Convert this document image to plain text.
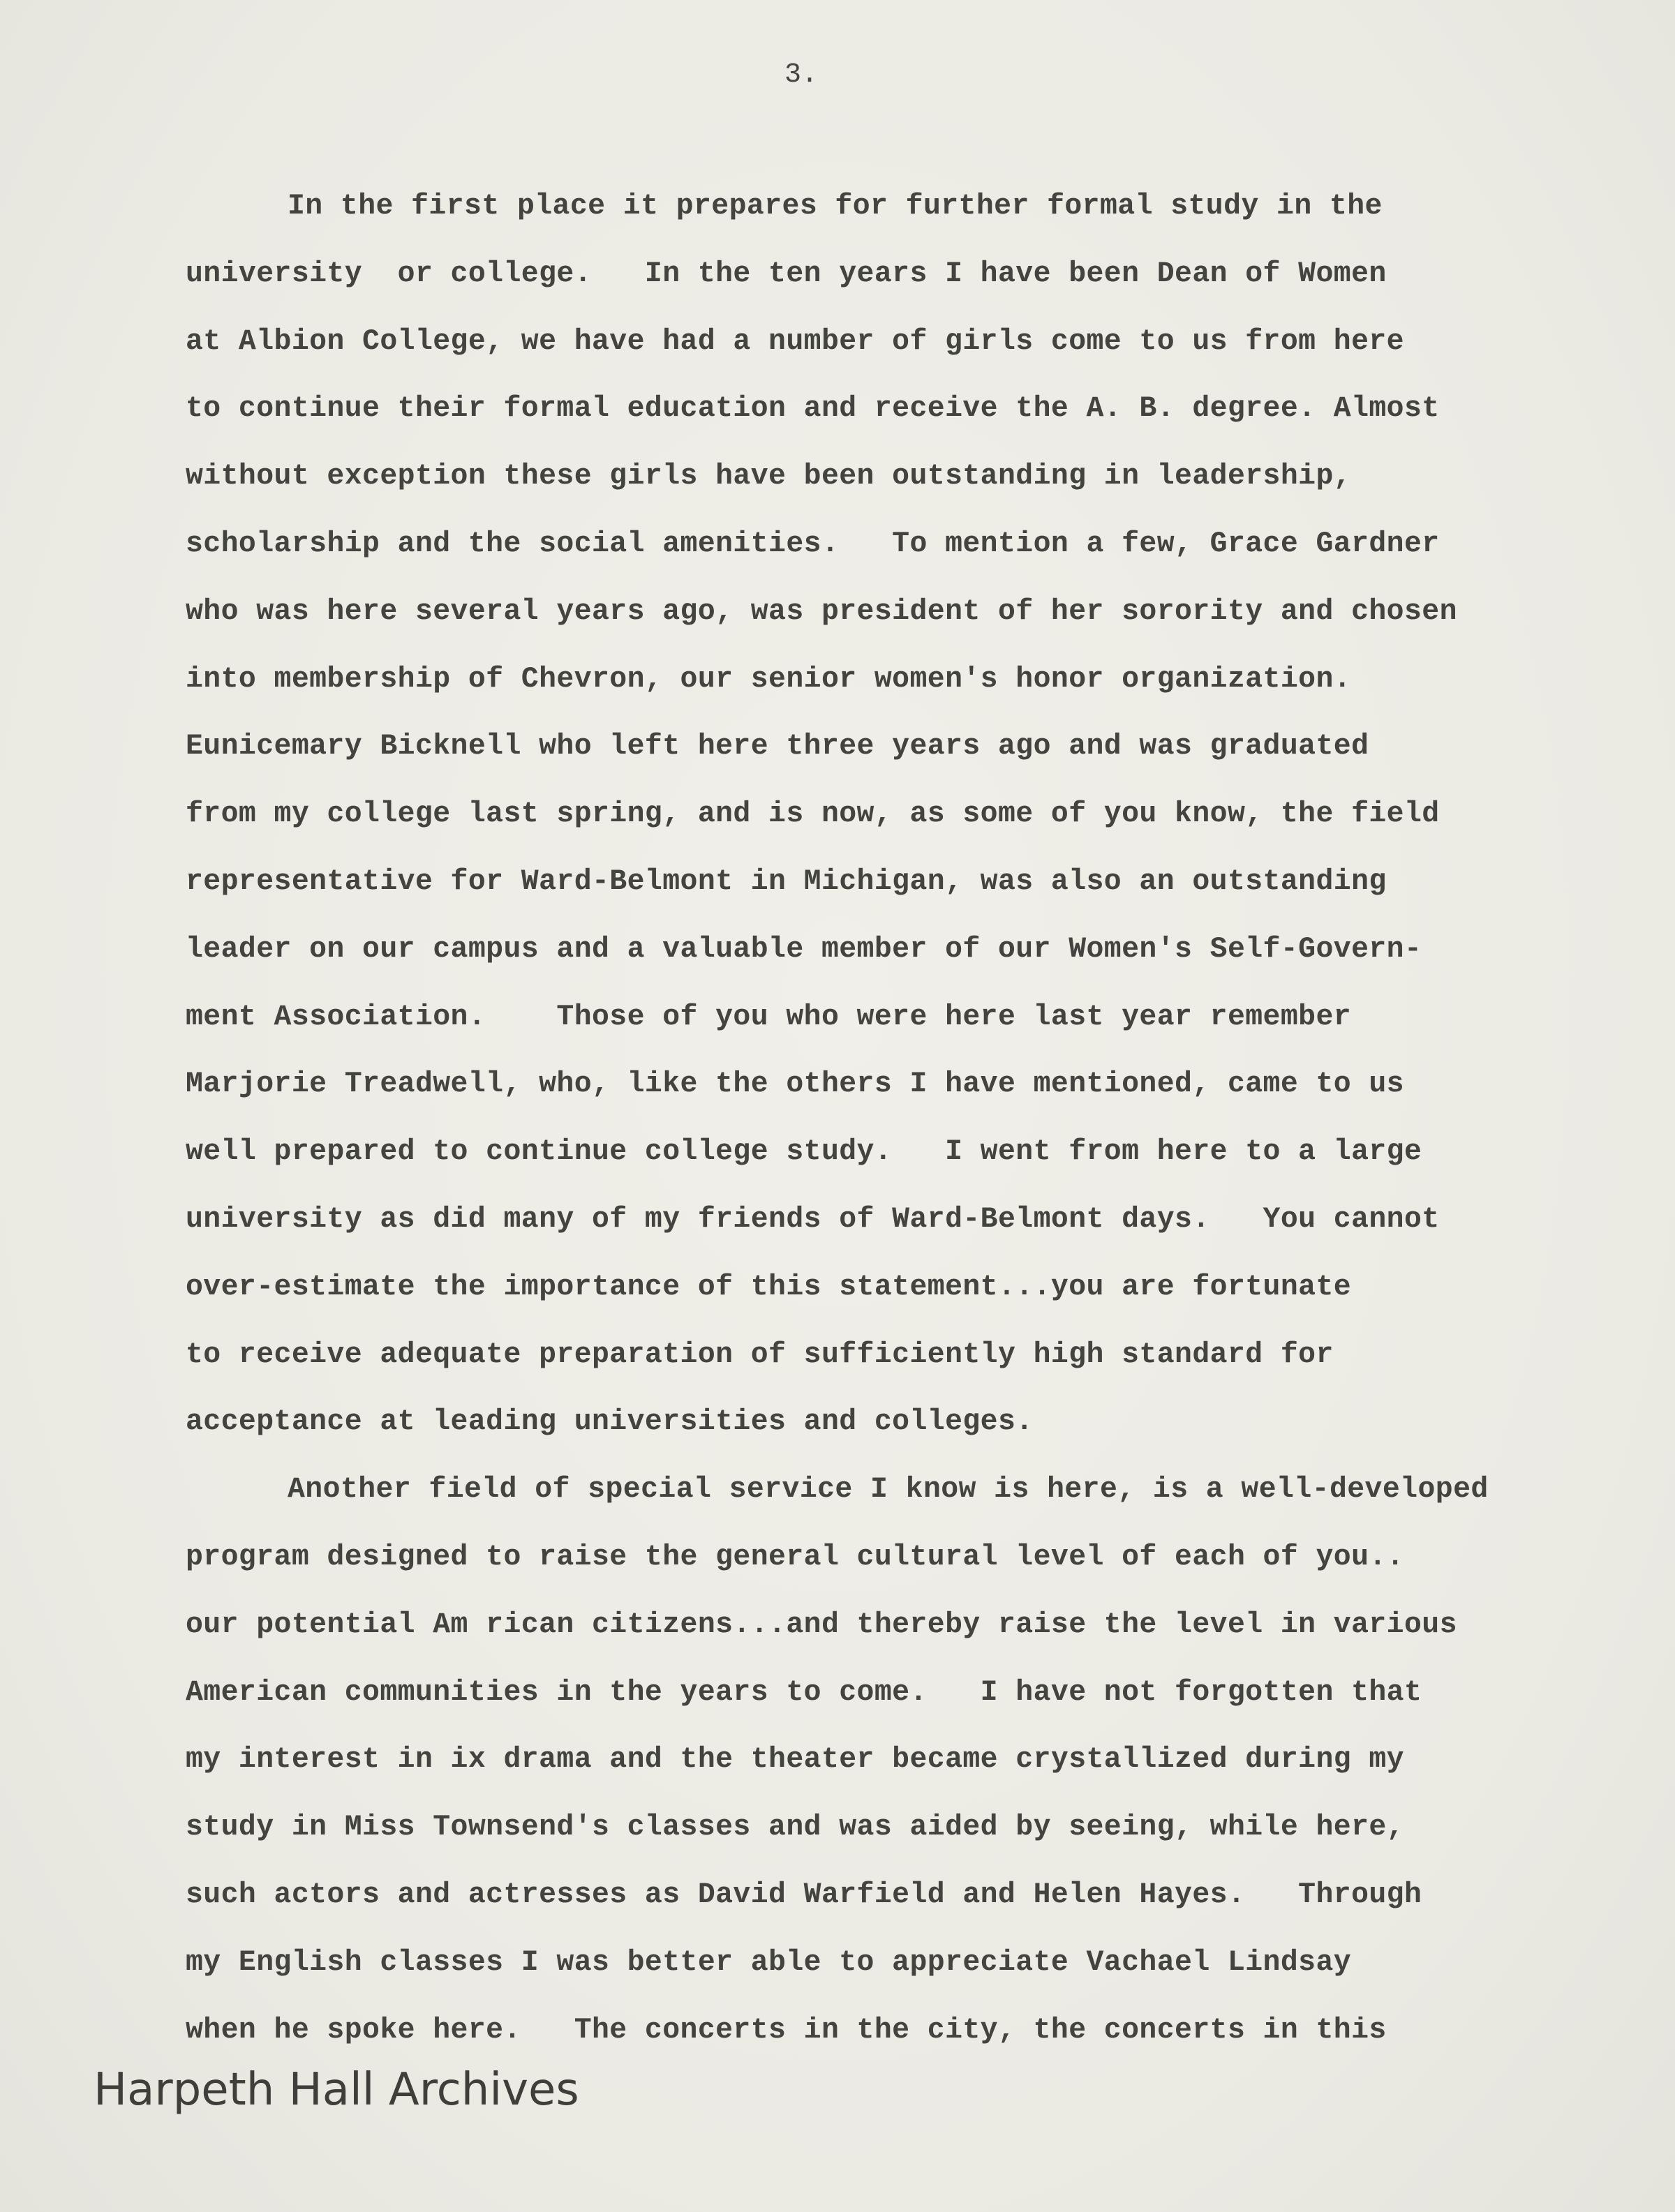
3.
In the first place it prepares for further formal study in the
university  or college.   In the ten years I have been Dean of Women
at Albion College, we have had a number of girls come to us from here
to continue their formal education and receive the A. B. degree. Almost
without exception these girls have been outstanding in leadership,
scholarship and the social amenities.   To mention a few, Grace Gardner
who was here several years ago, was president of her sorority and chosen
into membership of Chevron, our senior women's honor organization.
Eunicemary Bicknell who left here three years ago and was graduated
from my college last spring, and is now, as some of you know, the field
representative for Ward-Belmont in Michigan, was also an outstanding
leader on our campus and a valuable member of our Women's Self-Govern-
ment Association.    Those of you who were here last year remember
Marjorie Treadwell, who, like the others I have mentioned, came to us
well prepared to continue college study.   I went from here to a large
university as did many of my friends of Ward-Belmont days.   You cannot
over-estimate the importance of this statement...you are fortunate
to receive adequate preparation of sufficiently high standard for
acceptance at leading universities and colleges.
Another field of special service I know is here, is a well-developed
program designed to raise the general cultural level of each of you..
our potential Am rican citizens...and thereby raise the level in various
American communities in the years to come.   I have not forgotten that
my interest in ix drama and the theater became crystallized during my
study in Miss Townsend's classes and was aided by seeing, while here,
such actors and actresses as David Warfield and Helen Hayes.   Through
my English classes I was better able to appreciate Vachael Lindsay
when he spoke here.   The concerts in the city, the concerts in this
Harpeth Hall Archives
